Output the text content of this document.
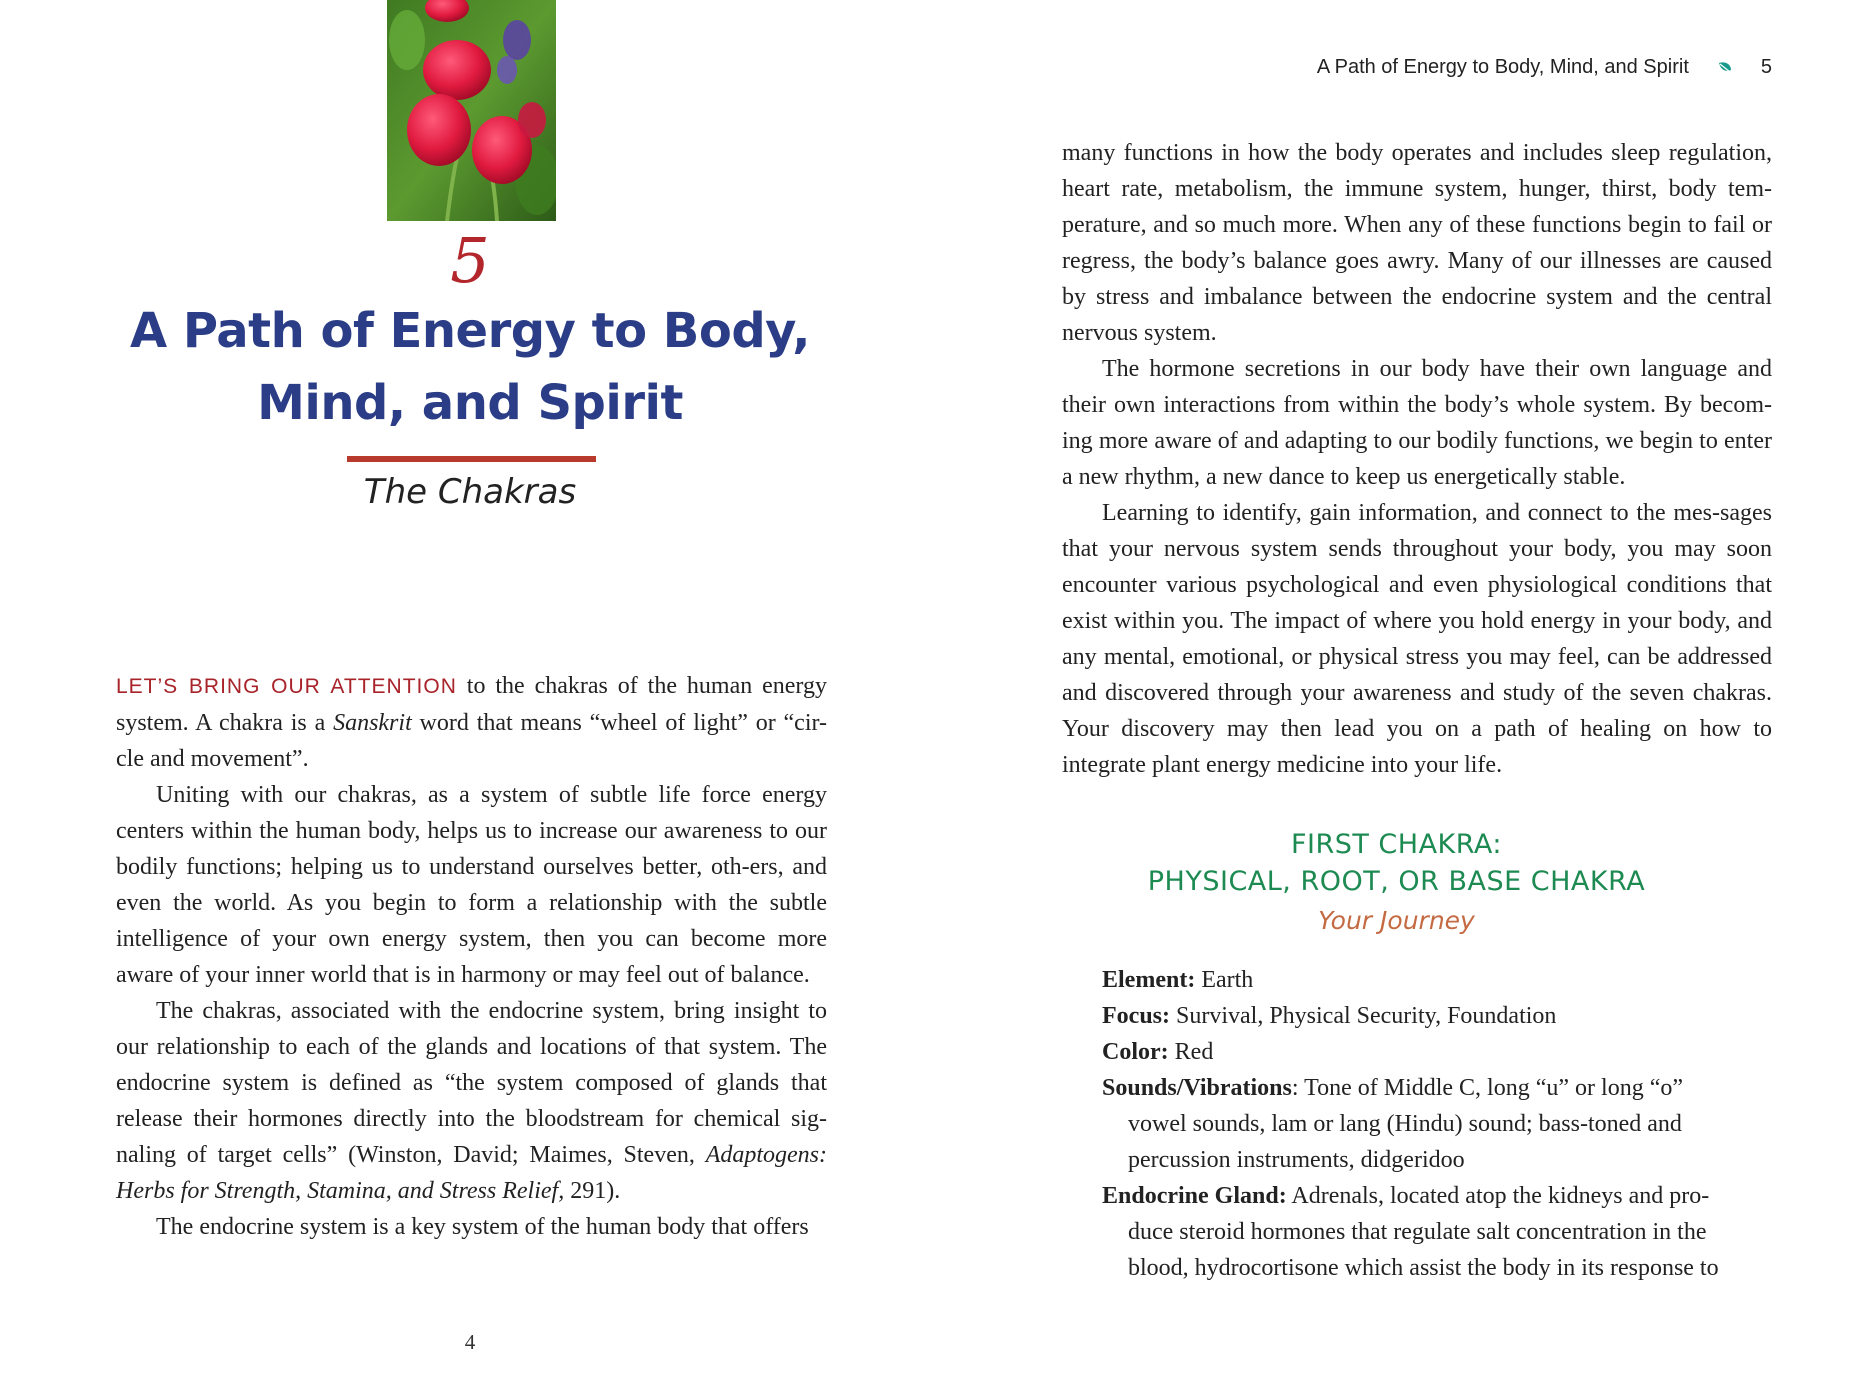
5
A Path of Energy to Body,
Mind, and Spirit
The Chakras

LET’S BRING OUR ATTENTION to the chakras of the human energy system. A chakra is a Sanskrit word that means “wheel of light” or “cir-cle and movement”.

Uniting with our chakras, as a system of subtle life force energy centers within the human body, helps us to increase our awareness to our bodily functions; helping us to understand ourselves better, oth-ers, and even the world. As you begin to form a relationship with the subtle intelligence of your own energy system, then you can become more aware of your inner world that is in harmony or may feel out of balance.

The chakras, associated with the endocrine system, bring insight to our relationship to each of the glands and locations of that system. The endocrine system is defined as “the system composed of glands that release their hormones directly into the bloodstream for chemical sig-naling of target cells” (Winston, David; Maimes, Steven, Adaptogens: Herbs for Strength, Stamina, and Stress Relief, 291).

The endocrine system is a key system of the human body that offers

4
A Path of Energy to Body, Mind, and Spirit	5

many functions in how the body operates and includes sleep regulation, heart rate, metabolism, the immune system, hunger, thirst, body tem-perature, and so much more. When any of these functions begin to fail or regress, the body’s balance goes awry. Many of our illnesses are caused by stress and imbalance between the endocrine system and the central nervous system.

The hormone secretions in our body have their own language and their own interactions from within the body’s whole system. By becom-ing more aware of and adapting to our bodily functions, we begin to enter a new rhythm, a new dance to keep us energetically stable.

Learning to identify, gain information, and connect to the mes-sages that your nervous system sends throughout your body, you may soon encounter various psychological and even physiological conditions that exist within you. The impact of where you hold energy in your body, and any mental, emotional, or physical stress you may feel, can be addressed and discovered through your awareness and study of the seven chakras. Your discovery may then lead you on a path of healing on how to integrate plant energy medicine into your life.

FIRST CHAKRA:
PHYSICAL, ROOT, OR BASE CHAKRA
Your Journey
Element: Earth
Focus: Survival, Physical Security, Foundation
Color: Red
Sounds/Vibrations: Tone of Middle C, long “u” or long “o” vowel sounds, lam or lang (Hindu) sound; bass-toned and percussion instruments, didgeridoo
Endocrine Gland: Adrenals, located atop the kidneys and pro-duce steroid hormones that regulate salt concentration in the blood, hydrocortisone which assist the body in its response to
